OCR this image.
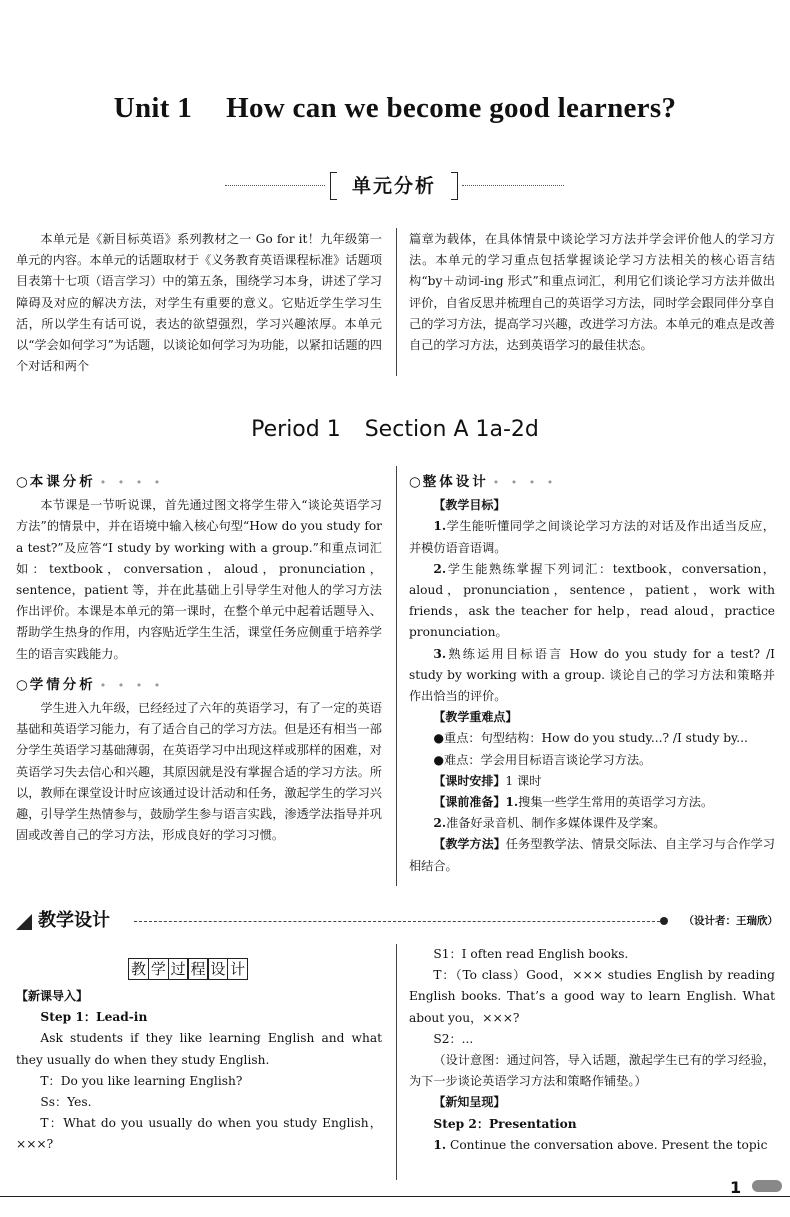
Unit 1 How can we become good learners?
单元分析

本单元是《新目标英语》系列教材之一 Go for it！九年级第一单元的内容。本单元的话题取材于《义务教育英语课程标准》话题项目表第十七项（语言学习）中的第五条，围绕学习本身，讲述了学习障碍及对应的解决方法，对学生有重要的意义。它贴近学生学习生活，所以学生有话可说，表达的欲望强烈，学习兴趣浓厚。本单元以“学会如何学习”为话题，以谈论如何学习为功能，以紧扣话题的四个对话和两个

篇章为载体，在具体情景中谈论学习方法并学会评价他人的学习方法。本单元的学习重点包括掌握谈论学习方法相关的核心语言结构“by＋动词-ing 形式”和重点词汇，利用它们谈论学习方法并做出评价，自省反思并梳理自己的英语学习方法，同时学会跟同伴分享自己的学习方法，提高学习兴趣，改进学习方法。本单元的难点是改善自己的学习方法，达到英语学习的最佳状态。

Period 1 Section A 1a-2d
○ 本课分析 • • • •

本节课是一节听说课，首先通过图文将学生带入“谈论英语学习方法”的情景中，并在语境中输入核心句型“How do you study for a test?”及应答“I study by working with a group.”和重点词汇如：textbook，conversation，aloud，pronunciation，sentence，patient 等，并在此基础上引导学生对他人的学习方法作出评价。本课是本单元的第一课时，在整个单元中起着话题导入、帮助学生热身的作用，内容贴近学生生活，课堂任务应侧重于培养学生的语言实践能力。

○ 学情分析 • • • •

学生进入九年级，已经经过了六年的英语学习，有了一定的英语基础和英语学习能力，有了适合自己的学习方法。但是还有相当一部分学生英语学习基础薄弱，在英语学习中出现这样或那样的困难，对英语学习失去信心和兴趣，其原因就是没有掌握合适的学习方法。所以，教师在课堂设计时应该通过设计活动和任务，激起学生的学习兴趣，引导学生热情参与，鼓励学生参与语言实践，渗透学法指导并巩固或改善自己的学习方法，形成良好的学习习惯。

○ 整体设计 • • • •

【教学目标】

1.学生能听懂同学之间谈论学习方法的对话及作出适当反应，并模仿语音语调。

2.学生能熟练掌握下列词汇：textbook，conversation，aloud，pronunciation，sentence，patient，work with friends，ask the teacher for help，read aloud，practice pronunciation。

3.熟练运用目标语言 How do you study for a test? /I study by working with a group. 谈论自己的学习方法和策略并作出恰当的评价。

【教学重难点】

●重点：句型结构：How do you study...? /I study by...

●难点：学会用目标语言谈论学习方法。

【课时安排】1 课时

【课前准备】1.搜集一些学生常用的英语学习方法。

2.准备好录音机、制作多媒体课件及学案。

【教学方法】任务型教学法、情景交际法、自主学习与合作学习相结合。

教学设计	（设计者：王瑞欣）
教 学 过 程 设 计

【新课导入】

Step 1：Lead-in

Ask students if they like learning English and what they usually do when they study English.

T：Do you like learning English?

Ss：Yes.

T：What do you usually do when you study English，×××?

S1：I often read English books.

T：（To class）Good，××× studies English by reading English books. That’s a good way to learn English. What about you，×××?

S2：...

（设计意图：通过问答，导入话题，激起学生已有的学习经验，为下一步谈论英语学习方法和策略作铺垫。）

【新知呈现】

Step 2：Presentation

1. Continue the conversation above. Present the topic

1
